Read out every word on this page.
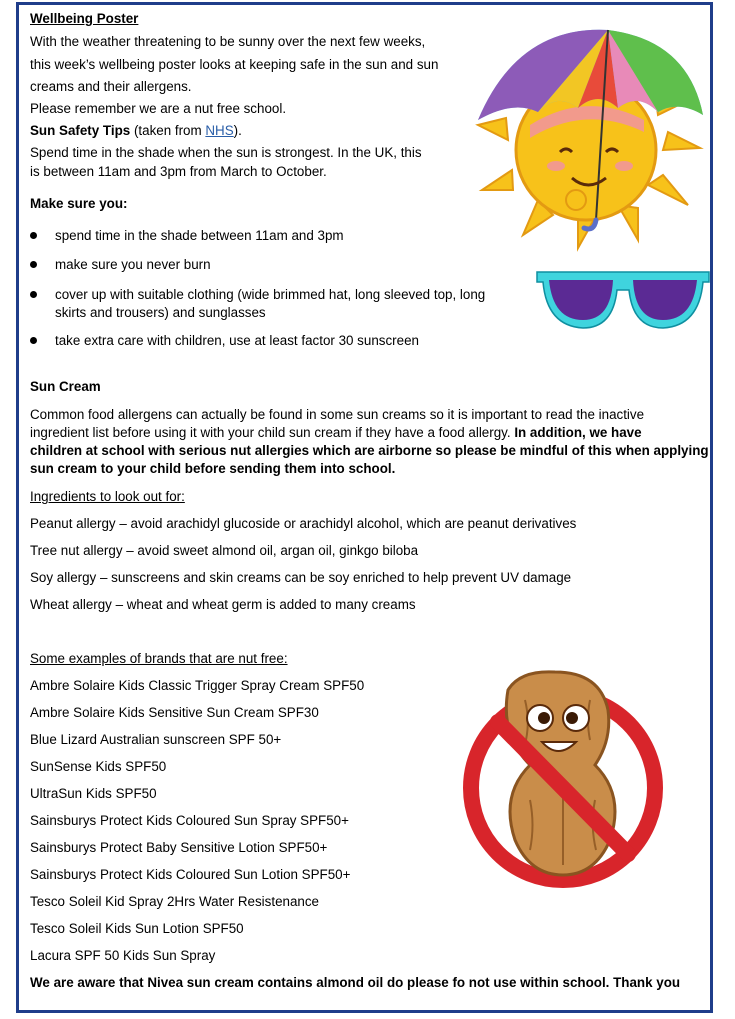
Wellbeing Poster
With the weather threatening to be sunny over the next few weeks,
this week’s wellbeing poster looks at keeping safe in the sun and sun
creams and their allergens.
Please remember we are a nut free school.
Sun Safety Tips (taken from NHS).
Spend time in the shade when the sun is strongest. In the UK, this
is between 11am and 3pm from March to October.
Make sure you:
spend time in the shade between 11am and 3pm
make sure you never burn
cover up with suitable clothing (wide brimmed hat, long sleeved top, long
skirts and trousers) and sunglasses
take extra care with children, use at least factor 30 sunscreen
Sun Cream
Common food allergens can actually be found in some sun creams so it is important to read the inactive
ingredient list before using it with your child sun cream if they have a food allergy. In addition, we have
children at school with serious nut allergies which are airborne so please be mindful of this when applying
sun cream to your child before sending them into school.
Ingredients to look out for:
Peanut allergy – avoid arachidyl glucoside or arachidyl alcohol, which are peanut derivatives
Tree nut allergy – avoid sweet almond oil, argan oil, ginkgo biloba
Soy allergy – sunscreens and skin creams can be soy enriched to help prevent UV damage
Wheat allergy – wheat and wheat germ is added to many creams
Some examples of brands that are nut free:
Ambre Solaire Kids Classic Trigger Spray Cream SPF50
Ambre Solaire Kids Sensitive Sun Cream SPF30
Blue Lizard Australian sunscreen SPF 50+
SunSense Kids SPF50
UltraSun Kids SPF50
Sainsburys Protect Kids Coloured Sun Spray SPF50+
Sainsburys Protect Baby Sensitive Lotion SPF50+
Sainsburys Protect Kids Coloured Sun Lotion SPF50+
Tesco Soleil Kid Spray 2Hrs Water Resistenance
Tesco Soleil Kids Sun Lotion SPF50
Lacura SPF 50 Kids Sun Spray
We are aware that Nivea sun cream contains almond oil do please fo not use within school. Thank you
